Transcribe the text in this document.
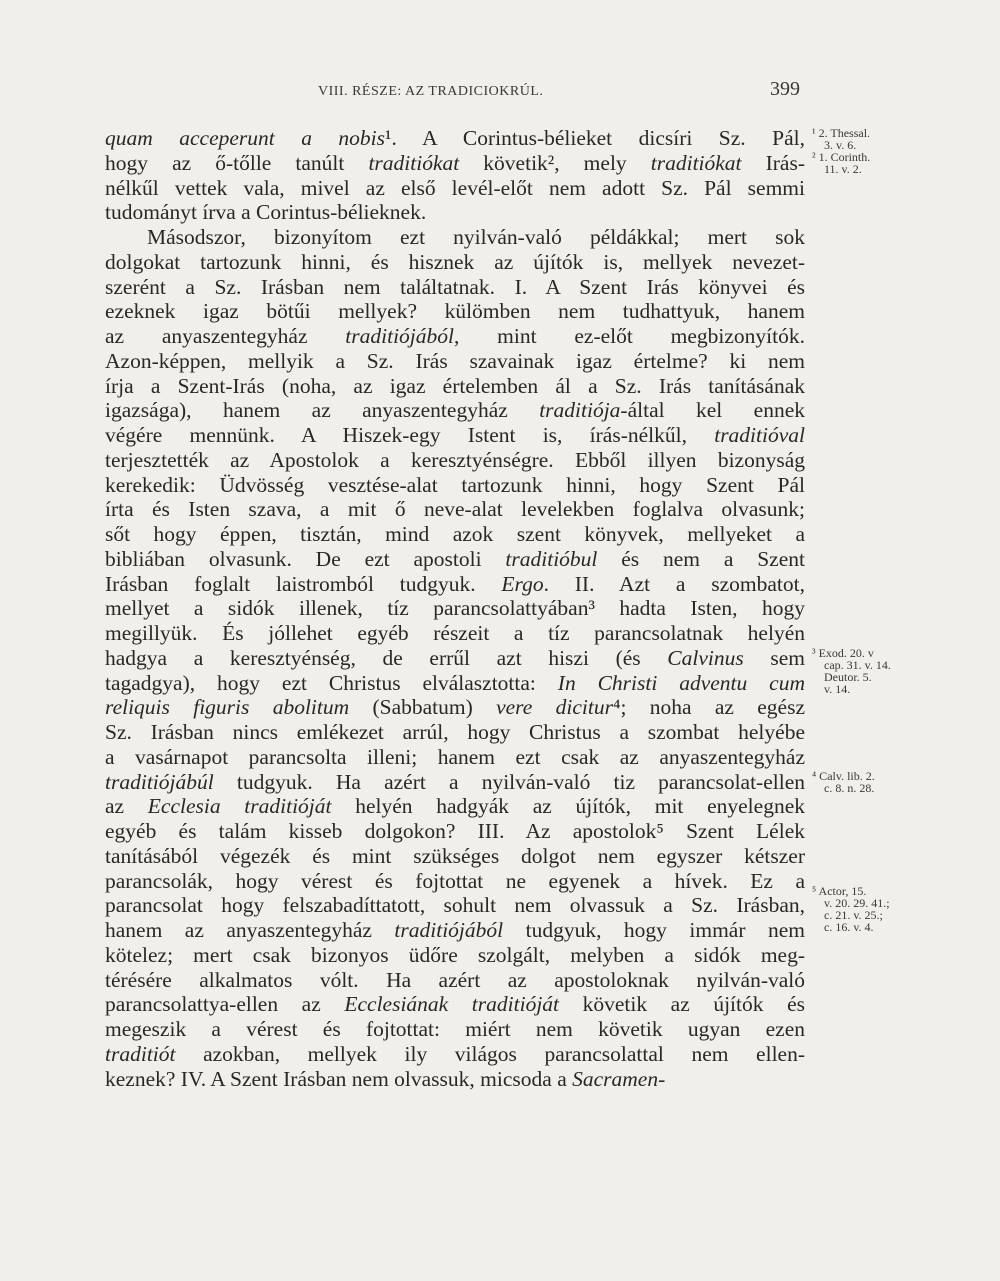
VIII. RÉSZE: AZ TRADICIOKRÚL.	399
quam acceperunt a nobis¹. A Corintus-bélieket dicsíri Sz. Pál,
hogy az ő-tőlle tanúlt traditiókat követik², mely traditiókat Irás-
nélkűl vettek vala, mivel az első levél-előt nem adott Sz. Pál semmi
tudományt írva a Corintus-bélieknek.
Másodszor, bizonyítom ezt nyilván-való példákkal; mert sok
dolgokat tartozunk hinni, és hisznek az újítók is, mellyek nevezet-
szerént a Sz. Irásban nem találtatnak. I. A Szent Irás könyvei és
ezeknek igaz bötűi mellyek? külömben nem tudhattyuk, hanem
az anyaszentegyház traditiójából, mint ez-előt megbizonyítók.
Azon-képpen, mellyik a Sz. Irás szavainak igaz értelme? ki nem
írja a Szent-Irás (noha, az igaz értelemben ál a Sz. Irás tanításának
igazsága), hanem az anyaszentegyház traditiója-által kel ennek
végére mennünk. A Hiszek-egy Istent is, írás-nélkűl, traditióval
terjesztették az Apostolok a keresztyénségre. Ebből illyen bizonyság
kerekedik: Üdvösség vesztése-alat tartozunk hinni, hogy Szent Pál
írta és Isten szava, a mit ő neve-alat levelekben foglalva olvasunk;
sőt hogy éppen, tisztán, mind azok szent könyvek, mellyeket a
bibliában olvasunk. De ezt apostoli traditióbul és nem a Szent
Irásban foglalt laistromból tudgyuk. Ergo. II. Azt a szombatot,
mellyet a sidók illenek, tíz parancsolattyában³ hadta Isten, hogy
megillyük. És jóllehet egyéb részeit a tíz parancsolatnak helyén
hadgya a keresztyénség, de errűl azt hiszi (és Calvinus sem
tagadgya), hogy ezt Christus elválasztotta: In Christi adventu cum
reliquis figuris abolitum (Sabbatum) vere dicitur⁴; noha az egész
Sz. Irásban nincs emlékezet arrúl, hogy Christus a szombat helyébe
a vasárnapot parancsolta illeni; hanem ezt csak az anyaszentegyház
traditiójábúl tudgyuk. Ha azért a nyilván-való tiz parancsolat-ellen
az Ecclesia traditióját helyén hadgyák az újítók, mit enyelegnek
egyéb és talám kisseb dolgokon? III. Az apostolok⁵ Szent Lélek
tanításából végezék és mint szükséges dolgot nem egyszer kétszer
parancsolák, hogy vérest és fojtottat ne egyenek a hívek. Ez a
parancsolat hogy felszabadíttatott, sohult nem olvassuk a Sz. Irásban,
hanem az anyaszentegyház traditiójából tudgyuk, hogy immár nem
kötelez; mert csak bizonyos üdőre szolgált, melyben a sidók meg-
térésére alkalmatos vólt. Ha azért az apostoloknak nyilván-való
parancsolattya-ellen az Ecclesiának traditióját követik az újítók és
megeszik a vérest és fojtottat: miért nem követik ugyan ezen
traditiót azokban, mellyek ily világos parancsolattal nem ellen-
keznek? IV. A Szent Irásban nem olvassuk, micsoda a Sacramen-
¹ 2. Thessal.
3. v. 6.
² 1. Corinth.
11. v. 2.
³ Exod. 20. v
cap. 31. v. 14.
Deutor. 5.
v. 14.
⁴ Calv. lib. 2.
c. 8. n. 28.
⁵ Actor, 15.
v. 20. 29. 41.;
c. 21. v. 25.;
c. 16. v. 4.
